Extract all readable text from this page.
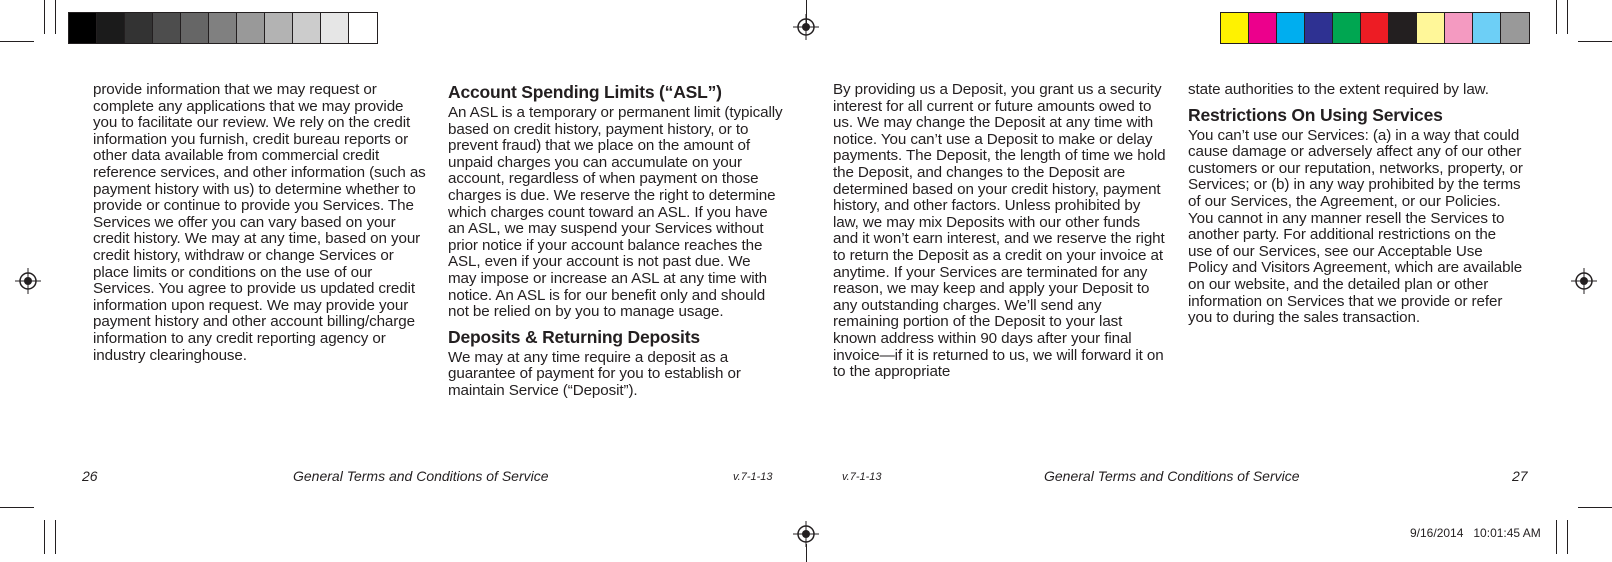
provide information that we may request or complete any applications that we may provide you to facilitate our review. We rely on the credit information you furnish, credit bureau reports or other data available from commercial credit reference services, and other information (such as payment history with us) to determine whether to provide or continue to provide you Services. The Services we offer you can vary based on your credit history. We may at any time, based on your credit history, withdraw or change Services or place limits or conditions on the use of our Services. You agree to provide us updated credit information upon request. We may provide your payment history and other account billing/charge information to any credit reporting agency or industry clearinghouse.

Account Spending Limits (“ASL”)

An ASL is a temporary or permanent limit (typically based on credit history, payment history, or to prevent fraud) that we place on the amount of unpaid charges you can accumulate on your account, regardless of when payment on those charges is due. We reserve the right to determine which charges count toward an ASL. If you have an ASL, we may suspend your Services without prior notice if your account balance reaches the ASL, even if your account is not past due. We may impose or increase an ASL at any time with notice. An ASL is for our benefit only and should not be relied on by you to manage usage.

Deposits & Returning Deposits

We may at any time require a deposit as a guarantee of payment for you to establish or maintain Service (“Deposit”).

By providing us a Deposit, you grant us a security interest for all current or future amounts owed to us. We may change the Deposit at any time with notice. You can’t use a Deposit to make or delay payments. The Deposit, the length of time we hold the Deposit, and changes to the Deposit are determined based on your credit history, payment history, and other factors. Unless prohibited by law, we may mix Deposits with our other funds and it won’t earn interest, and we reserve the right to return the Deposit as a credit on your invoice at anytime. If your Services are terminated for any reason, we may keep and apply your Deposit to any outstanding charges. We’ll send any remaining portion of the Deposit to your last known address within 90 days after your final invoice—if it is returned to us, we will forward it on to the appropriate

state authorities to the extent required by law.

Restrictions On Using Services

You can’t use our Services: (a) in a way that could cause damage or adversely affect any of our other customers or our reputation, networks, property, or Services; or (b) in any way prohibited by the terms of our Services, the Agreement, or our Policies. You cannot in any manner resell the Services to another party. For additional restrictions on the use of our Services, see our Acceptable Use Policy and Visitors Agreement, which are available on our website, and the detailed plan or other information on Services that we provide or refer you to during the sales transaction.

26	General Terms and Conditions of Service	v.7-1-13	v.7-1-13	General Terms and Conditions of Service	27
9/16/2014   10:01:45 AM
